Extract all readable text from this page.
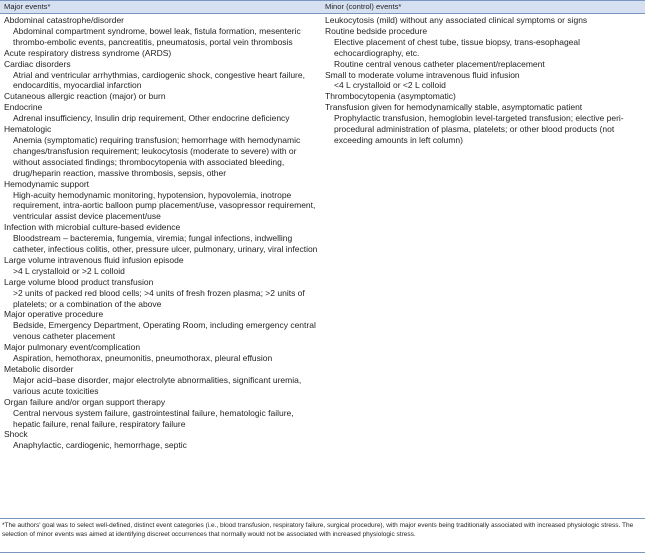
Major events*	Minor (control) events*
Abdominal catastrophe/disorder
Abdominal compartment syndrome, bowel leak, fistula formation, mesenteric thrombo-embolic events, pancreatitis, pneumatosis, portal vein thrombosis
Acute respiratory distress syndrome (ARDS)
Cardiac disorders
Atrial and ventricular arrhythmias, cardiogenic shock, congestive heart failure, endocarditis, myocardial infarction
Cutaneous allergic reaction (major) or burn
Endocrine
Adrenal insufficiency, Insulin drip requirement, Other endocrine deficiency
Hematologic
Anemia (symptomatic) requiring transfusion; hemorrhage with hemodynamic changes/transfusion requirement; leukocytosis (moderate to severe) with or without associated findings; thrombocytopenia with associated bleeding, drug/heparin reaction, massive thrombosis, sepsis, other
Hemodynamic support
High-acuity hemodynamic monitoring, hypotension, hypovolemia, inotrope requirement, intra-aortic balloon pump placement/use, vasopressor requirement, ventricular assist device placement/use
Infection with microbial culture-based evidence
Bloodstream – bacteremia, fungemia, viremia; fungal infections, indwelling catheter, infectious colitis, other, pressure ulcer, pulmonary, urinary, viral infection
Large volume intravenous fluid infusion episode
>4 L crystalloid or >2 L colloid
Large volume blood product transfusion
>2 units of packed red blood cells; >4 units of fresh frozen plasma; >2 units of platelets; or a combination of the above
Major operative procedure
Bedside, Emergency Department, Operating Room, including emergency central venous catheter placement
Major pulmonary event/complication
Aspiration, hemothorax, pneumonitis, pneumothorax, pleural effusion
Metabolic disorder
Major acid–base disorder, major electrolyte abnormalities, significant uremia, various acute toxicities
Organ failure and/or organ support therapy
Central nervous system failure, gastrointestinal failure, hematologic failure, hepatic failure, renal failure, respiratory failure
Shock
Anaphylactic, cardiogenic, hemorrhage, septic
Leukocytosis (mild) without any associated clinical symptoms or signs
Routine bedside procedure
Elective placement of chest tube, tissue biopsy, trans-esophageal echocardiography, etc.
Routine central venous catheter placement/replacement
Small to moderate volume intravenous fluid infusion
<4 L crystalloid or <2 L colloid
Thrombocytopenia (asymptomatic)
Transfusion given for hemodynamically stable, asymptomatic patient
Prophylactic transfusion, hemoglobin level-targeted transfusion; elective peri-procedural administration of plasma, platelets; or other blood products (not exceeding amounts in left column)
*The authors' goal was to select well-defined, distinct event categories (i.e., blood transfusion, respiratory failure, surgical procedure), with major events being traditionally associated with increased physiologic stress. The selection of minor events was aimed at identifying discreet occurrences that normally would not be associated with increased physiologic stress.
